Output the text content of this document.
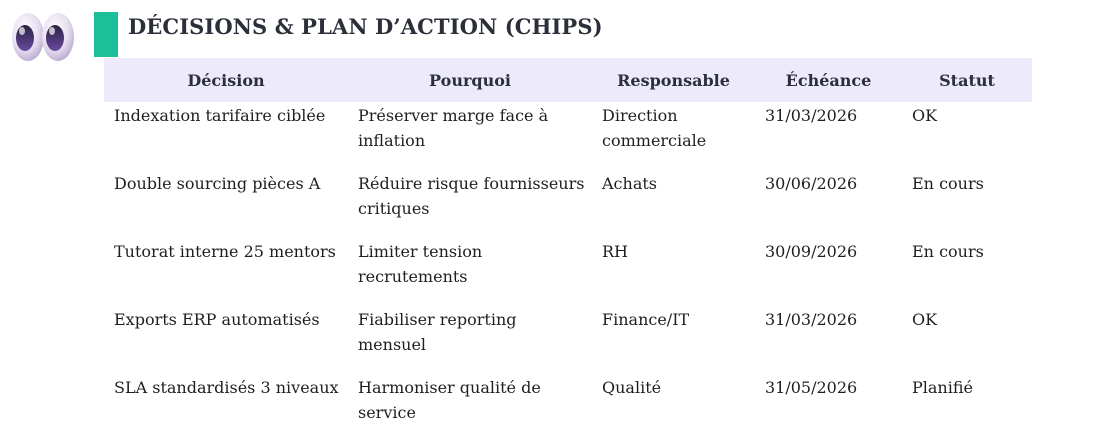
DÉCISIONS & PLAN D’ACTION (CHIPS)
Décision	Pourquoi	Responsable	Échéance	Statut
Indexation tarifaire ciblée	Préserver marge face à inflation	Direction commerciale	31/03/2026	OK
Double sourcing pièces A	Réduire risque fournisseurs critiques	Achats	30/06/2026	En cours
Tutorat interne 25 mentors	Limiter tension recrutements	RH	30/09/2026	En cours
Exports ERP automatisés	Fiabiliser reporting mensuel	Finance/IT	31/03/2026	OK
SLA standardisés 3 niveaux	Harmoniser qualité de service	Qualité	31/05/2026	Planifié
